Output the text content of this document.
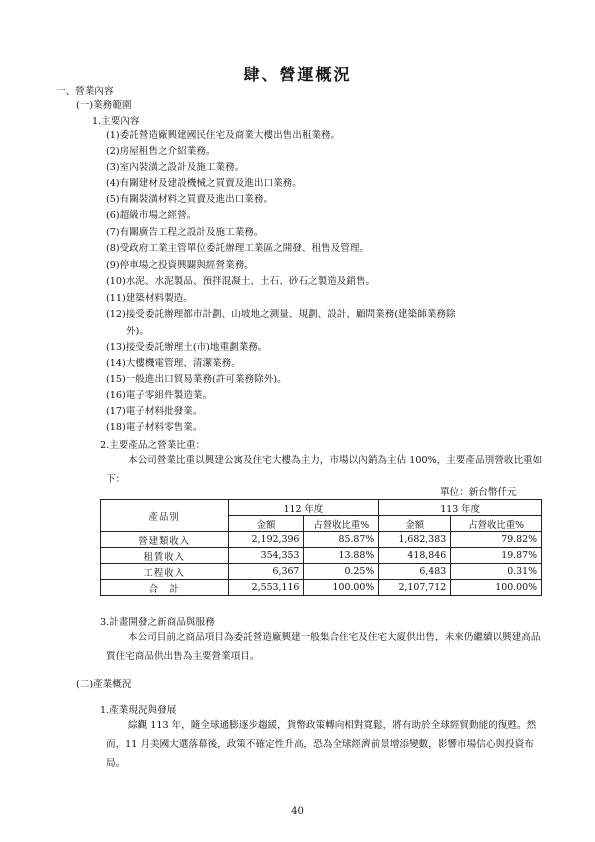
肆、營運概況
一、營業內容
(一)業務範圍
1.主要內容
(1)委託營造廠興建國民住宅及商業大樓出售出租業務。
(2)房屋租售之介紹業務。
(3)室內裝潢之設計及施工業務。
(4)有關建材及建設機械之買賣及進出口業務。
(5)有關裝潢材料之買賣及進出口業務。
(6)超級市場之經營。
(7)有關廣告工程之設計及施工業務。
(8)受政府工業主管單位委託辦理工業區之開發、租售及管理。
(9)停車場之投資興闢與經營業務。
(10)水泥、水泥製品、預拌混凝土、土石、砂石之製造及銷售。
(11)建築材料製造。
(12)接受委託辦理都市計劃、山坡地之測量、規劃、設計、顧問業務(建築師業務除
外)。
(13)接受委託辦理土(市)地重劃業務。
(14)大樓機電管理、清潔業務。
(15)一般進出口貿易業務(許可業務除外)。
(16)電子零組件製造業。
(17)電子材料批發業。
(18)電子材料零售業。
2.主要產品之營業比重：
本公司營業比重以興建公寓及住宅大樓為主力，市場以內銷為主佔 100%，主要產品別營收比重如下：
單位：新台幣仟元
產品別	112 年度		113 年度	
	金額	占營收比重%	金額	占營收比重%
營建類收入	2,192,396	85.87%	1,682,383	79.82%
租賃收入	354,353	13.88%	418,846	19.87%
工程收入	6,367	0.25%	6,483	0.31%
合　計	2,553,116	100.00%	2,107,712	100.00%
3.計畫開發之新商品與服務
本公司目前之商品項目為委託營造廠興建一般集合住宅及住宅大廈供出售，未來仍繼續以興建高品質住宅商品供出售為主要營業項目。
(二)產業概況
1.產業現況與發展
綜觀 113 年，隨全球通膨逐步趨緩，貨幣政策轉向相對寬鬆，將有助於全球經貿動能的復甦。然而，11 月美國大選落幕後，政策不確定性升高，恐為全球經濟前景增添變數，影響市場信心與投資布局。
40
